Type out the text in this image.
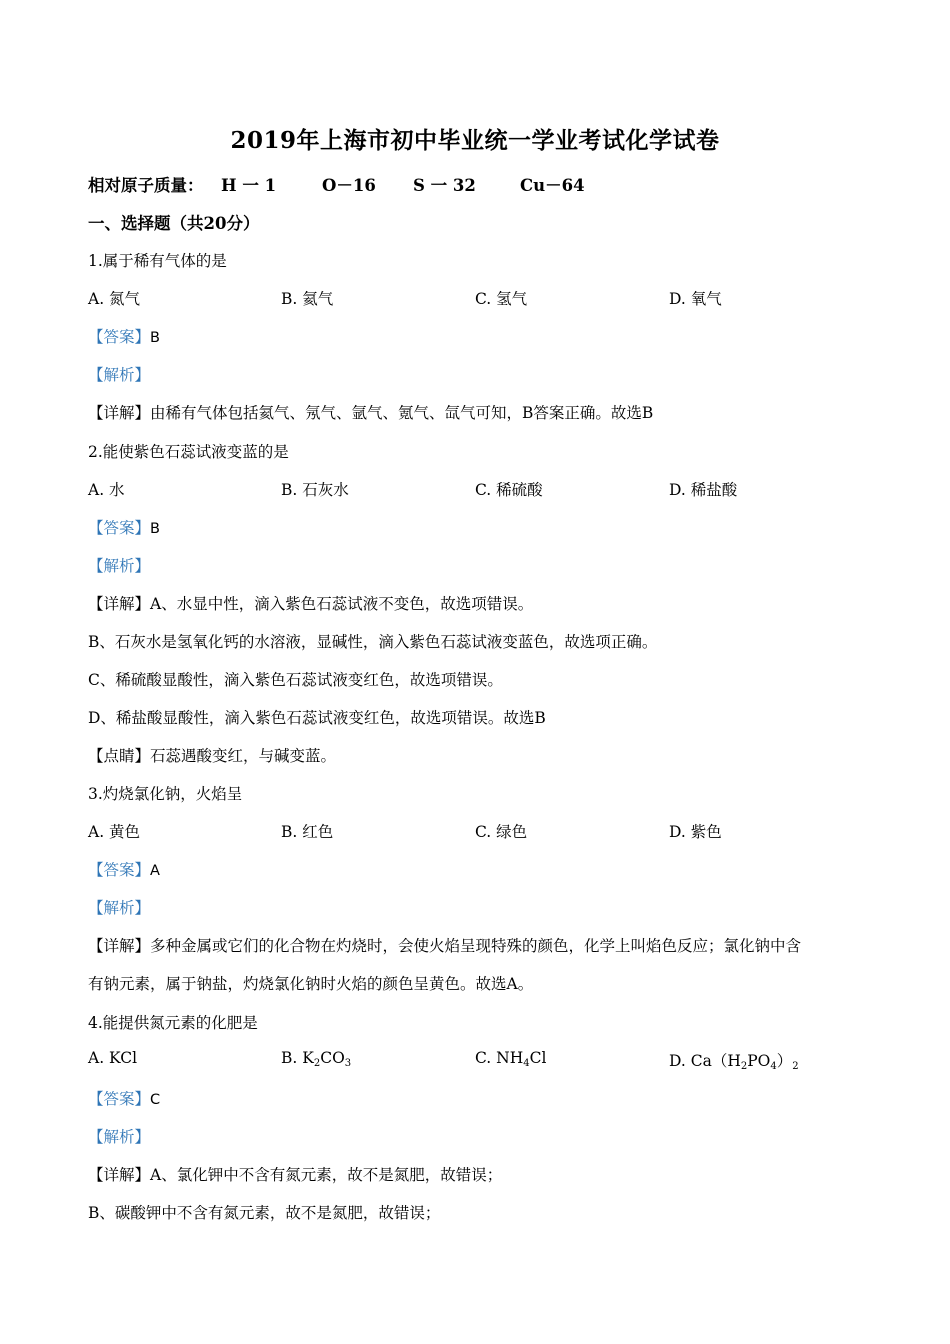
2019年上海市初中毕业统一学业考试化学试卷
相对原子质量： H 一 1	O－16 S 一 32	Cu－64
一、选择题（共20分）
1.属于稀有气体的是
A. 氮气	B. 氦气	C. 氢气	D. 氧气
【答案】B
【解析】
【详解】由稀有气体包括氦气、氖气、氩气、氪气、氙气可知，B答案正确。故选B
2.能使紫色石蕊试液变蓝的是
A. 水	B. 石灰水	C. 稀硫酸	D. 稀盐酸
【答案】B
【解析】
【详解】A、水显中性，滴入紫色石蕊试液不变色，故选项错误。
B、石灰水是氢氧化钙的水溶液，显碱性，滴入紫色石蕊试液变蓝色，故选项正确。
C、稀硫酸显酸性，滴入紫色石蕊试液变红色，故选项错误。
D、稀盐酸显酸性，滴入紫色石蕊试液变红色，故选项错误。故选B
【点睛】石蕊遇酸变红，与碱变蓝。
3.灼烧氯化钠，火焰呈
A. 黄色	B. 红色	C. 绿色	D. 紫色
【答案】A
【解析】
【详解】多种金属或它们的化合物在灼烧时，会使火焰呈现特殊的颜色，化学上叫焰色反应；氯化钠中含
有钠元素，属于钠盐，灼烧氯化钠时火焰的颜色呈黄色。故选A。
4.能提供氮元素的化肥是
A. KCl	B. $K_2CO_3$	C. $NH_4Cl$	D. $Ca(H_2PO_4)_2$
【答案】C
【解析】
【详解】A、氯化钾中不含有氮元素，故不是氮肥，故错误；
B、碳酸钾中不含有氮元素，故不是氮肥，故错误；
